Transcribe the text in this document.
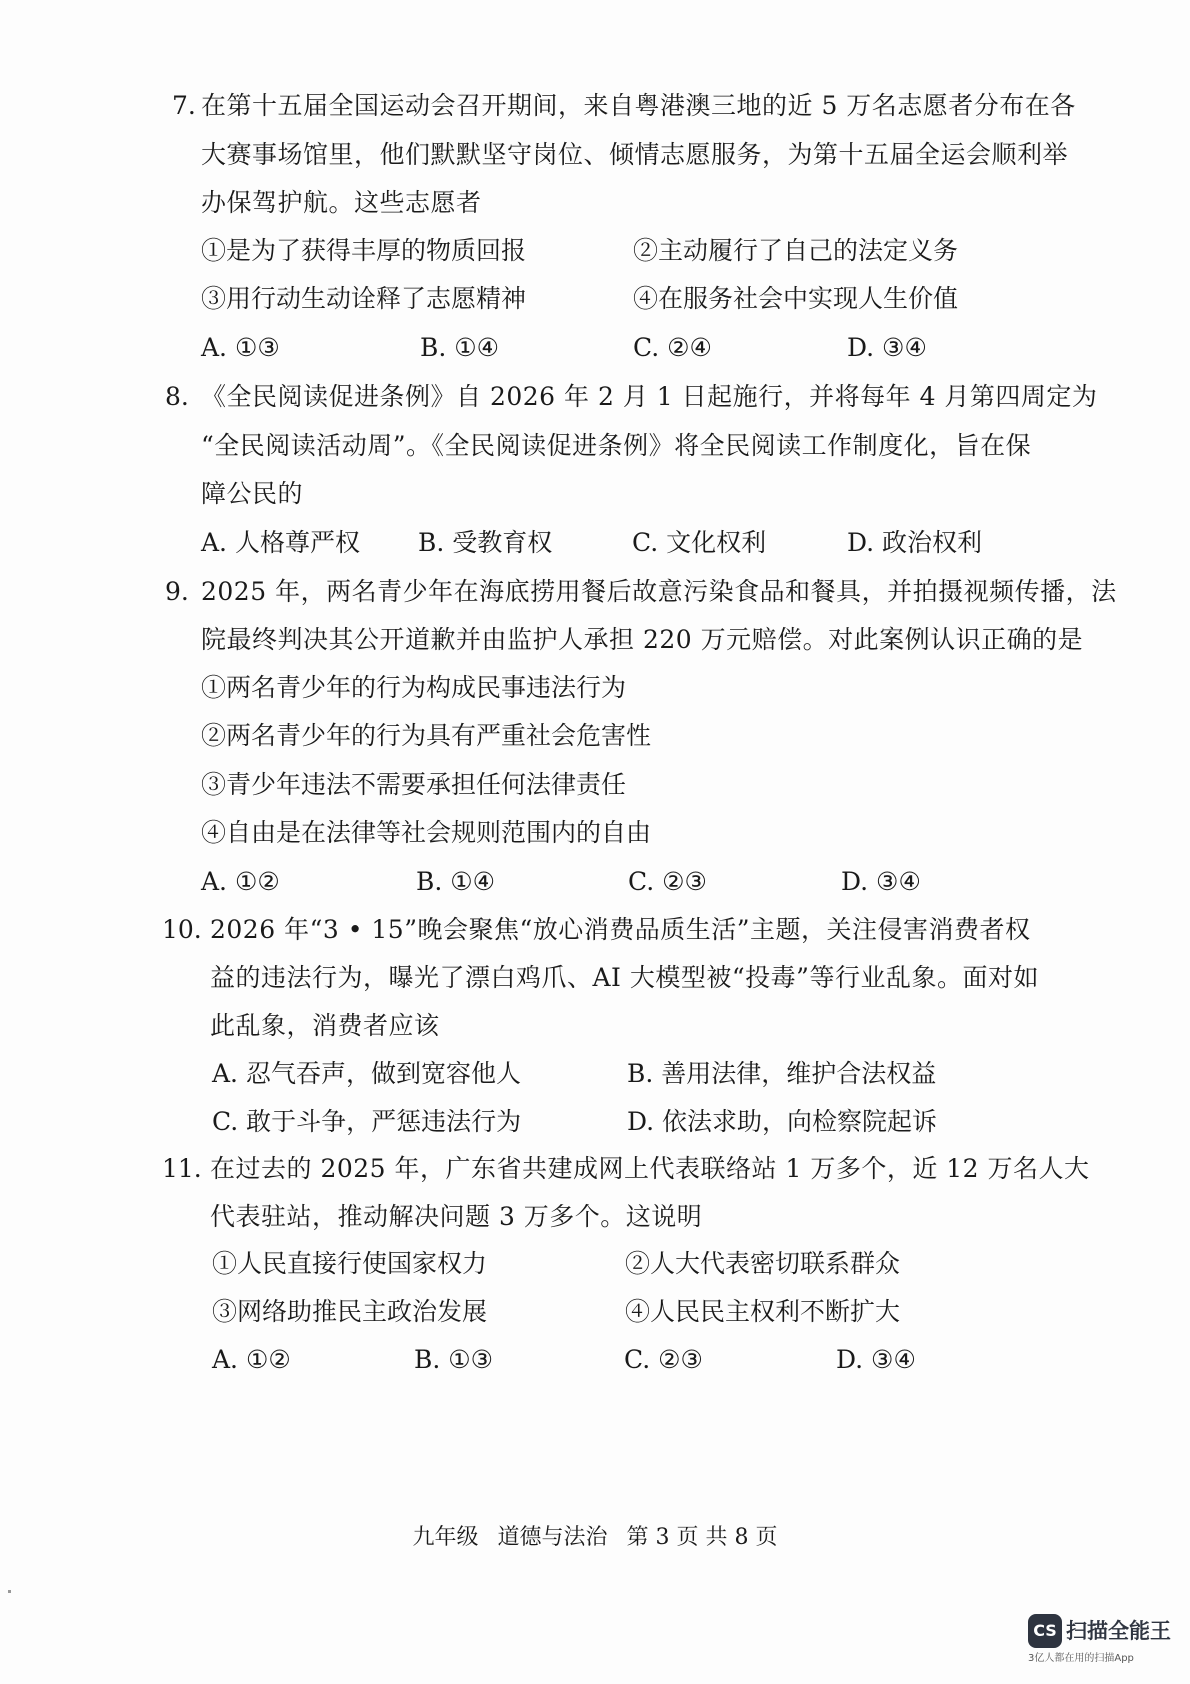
7. 在第十五届全国运动会召开期间，来自粤港澳三地的近 5 万名志愿者分布在各
大赛事场馆里，他们默默坚守岗位、倾情志愿服务，为第十五届全运会顺利举
办保驾护航。这些志愿者
①是为了获得丰厚的物质回报	②主动履行了自己的法定义务
③用行动生动诠释了志愿精神	④在服务社会中实现人生价值
A. ①③	B. ①④	C. ②④	D. ③④
8. 《全民阅读促进条例》自 2026 年 2 月 1 日起施行，并将每年 4 月第四周定为
“全民阅读活动周”。《全民阅读促进条例》将全民阅读工作制度化，旨在保
障公民的
A. 人格尊严权 B. 受教育权	C. 文化权利	D. 政治权利
9. 2025 年，两名青少年在海底捞用餐后故意污染食品和餐具，并拍摄视频传播，法
院最终判决其公开道歉并由监护人承担 220 万元赔偿。对此案例认识正确的是
①两名青少年的行为构成民事违法行为
②两名青少年的行为具有严重社会危害性
③青少年违法不需要承担任何法律责任
④自由是在法律等社会规则范围内的自由
A. ①②	B. ①④	C. ②③	D. ③④
10. 2026 年“3 • 15”晚会聚焦“放心消费品质生活”主题，关注侵害消费者权
益的违法行为，曝光了漂白鸡爪、AI 大模型被“投毒”等行业乱象。面对如
此乱象，消费者应该
A. 忍气吞声，做到宽容他人	B. 善用法律，维护合法权益
C. 敢于斗争，严惩违法行为	D. 依法求助，向检察院起诉
11. 在过去的 2025 年，广东省共建成网上代表联络站 1 万多个，近 12 万名人大
代表驻站，推动解决问题 3 万多个。这说明
①人民直接行使国家权力	②人大代表密切联系群众
③网络助推民主政治发展	④人民民主权利不断扩大
A. ①②	B. ①③	C. ②③	D. ③④
九年级 道德与法治 第 3 页 共 8 页
CS 扫描全能王
3亿人都在用的扫描App
